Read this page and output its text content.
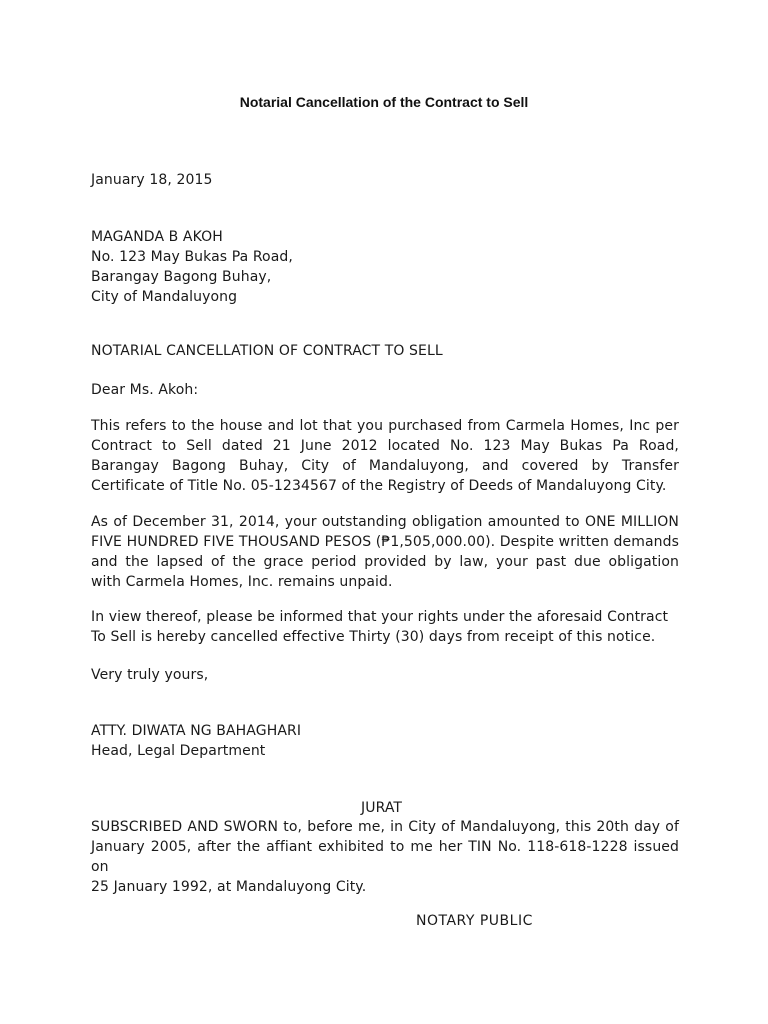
Notarial Cancellation of the Contract to Sell
January 18, 2015
MAGANDA B AKOH
No. 123 May Bukas Pa Road,
Barangay Bagong Buhay,
City of Mandaluyong
NOTARIAL CANCELLATION OF CONTRACT TO SELL
Dear Ms. Akoh:
This refers to the house and lot that you purchased from Carmela Homes, Inc per
Contract to Sell dated 21 June 2012 located No. 123 May Bukas Pa Road,
Barangay Bagong Buhay, City of Mandaluyong, and covered by Transfer
Certificate of Title No. 05-1234567 of the Registry of Deeds of Mandaluyong City.
As of December 31, 2014, your outstanding obligation amounted to ONE MILLION
FIVE HUNDRED FIVE THOUSAND PESOS (₱1,505,000.00). Despite written demands
and the lapsed of the grace period provided by law, your past due obligation
with Carmela Homes, Inc. remains unpaid.
In view thereof, please be informed that your rights under the aforesaid Contract
To Sell is hereby cancelled effective Thirty (30) days from receipt of this notice.
Very truly yours,
ATTY. DIWATA NG BAHAGHARI
Head, Legal Department
JURAT
SUBSCRIBED AND SWORN to, before me, in City of Mandaluyong, this 20th day of
January 2005, after the affiant exhibited to me her TIN No. 118-618-1228 issued on
25 January 1992, at Mandaluyong City.
NOTARY PUBLIC
